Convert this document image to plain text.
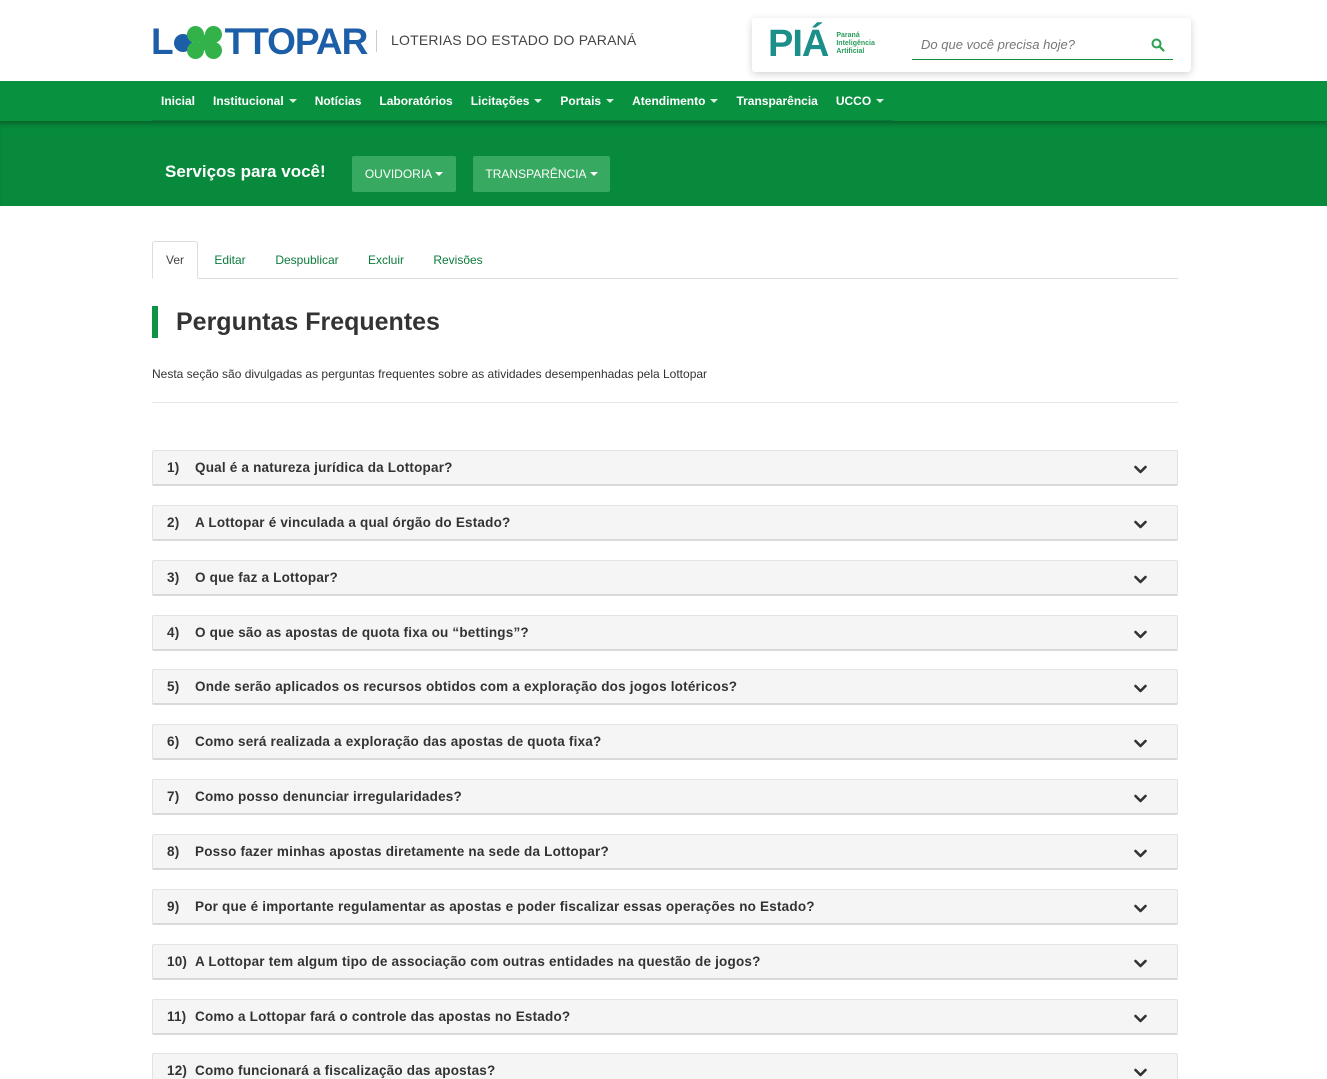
L TTOPAR LOTERIAS DO ESTADO DO PARANÁ	PIÁ Paraná
Inteligência
Artificial
Do que você precisa hoje?
Inicial Institucional	Notícias Laboratórios Licitações	Portais	Atendimento	Transparência UCCO
Serviços para você!	OUVIDORIA	TRANSPARÊNCIA
Ver	Editar	Despublicar	Excluir	Revisões
Perguntas Frequentes

Nesta seção são divulgadas as perguntas frequentes sobre as atividades desempenhadas pela Lottopar

1) Qual é a natureza jurídica da Lottopar?
2) A Lottopar é vinculada a qual órgão do Estado?
3) O que faz a Lottopar?
4) O que são as apostas de quota fixa ou “bettings”?
5) Onde serão aplicados os recursos obtidos com a exploração dos jogos lotéricos?
6) Como será realizada a exploração das apostas de quota fixa?
7) Como posso denunciar irregularidades?
8) Posso fazer minhas apostas diretamente na sede da Lottopar?
9) Por que é importante regulamentar as apostas e poder fiscalizar essas operações no Estado?
10) A Lottopar tem algum tipo de associação com outras entidades na questão de jogos?
11) Como a Lottopar fará o controle das apostas no Estado?
12) Como funcionará a fiscalização das apostas?
